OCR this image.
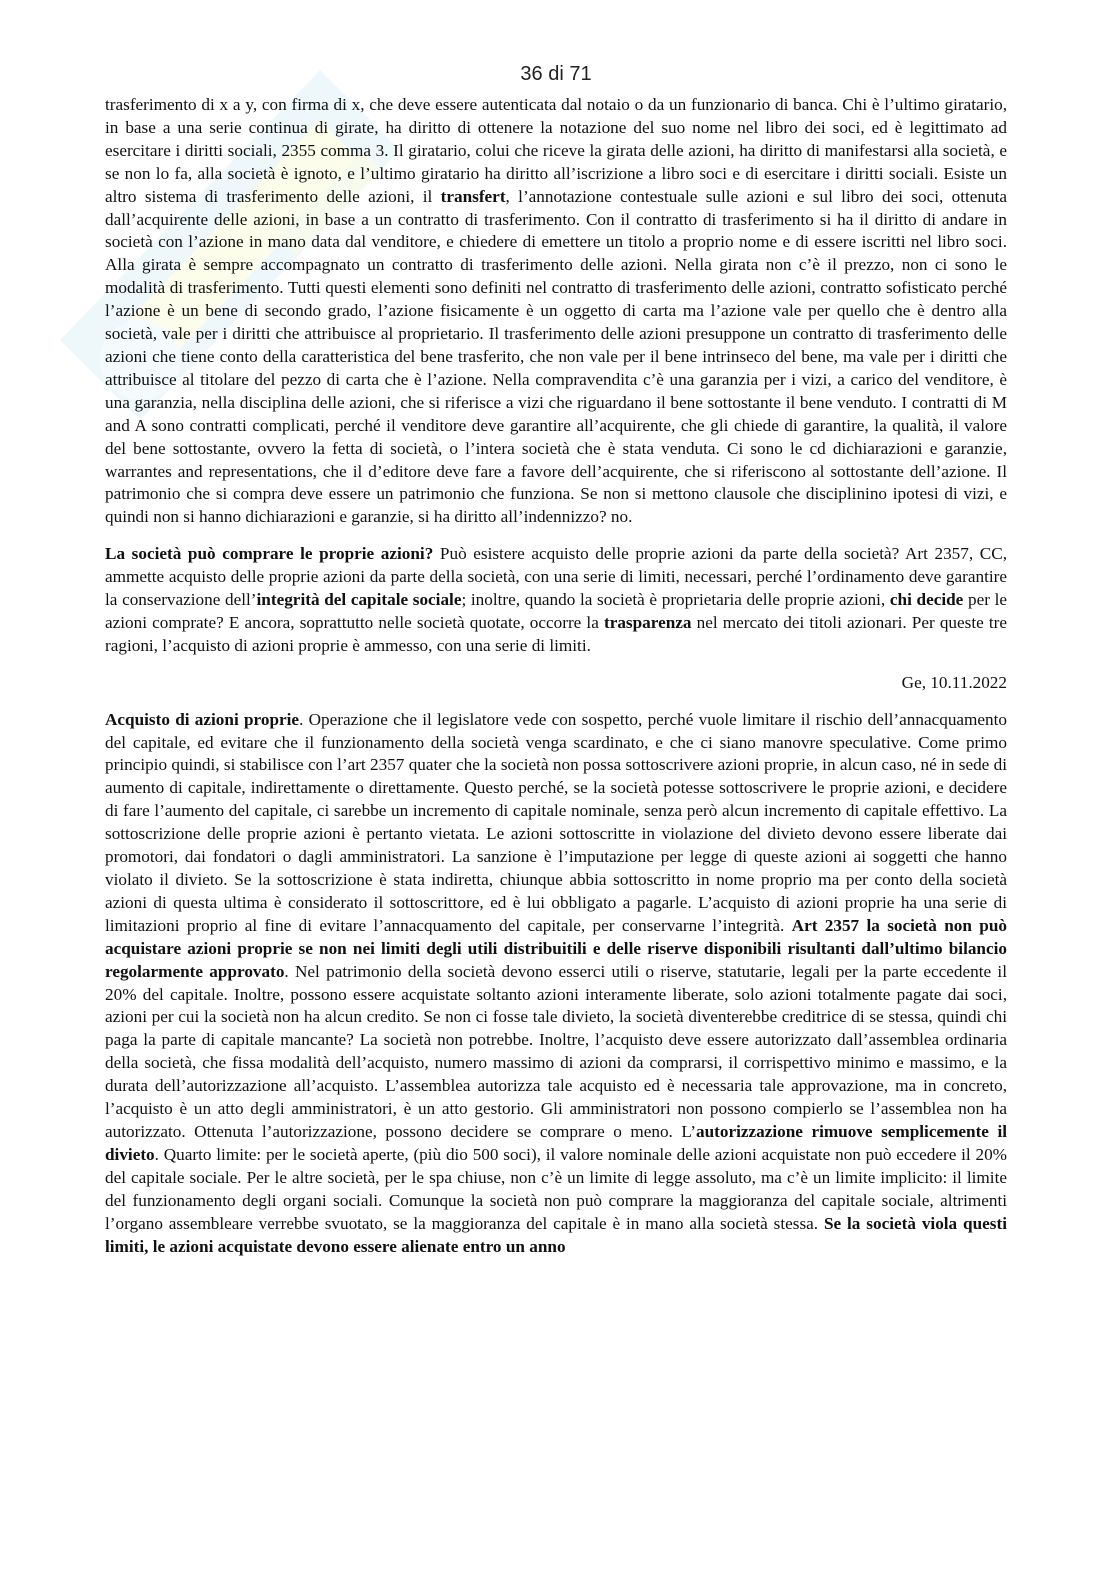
36 di 71

trasferimento di x a y, con firma di x, che deve essere autenticata dal notaio o da un funzionario di banca. Chi è l’ultimo giratario, in base a una serie continua di girate, ha diritto di ottenere la notazione del suo nome nel libro dei soci, ed è legittimato ad esercitare i diritti sociali, 2355 comma 3. Il giratario, colui che riceve la girata delle azioni, ha diritto di manifestarsi alla società, e se non lo fa, alla società è ignoto, e l’ultimo giratario ha diritto all’iscrizione a libro soci e di esercitare i diritti sociali. Esiste un altro sistema di trasferimento delle azioni, il transfert, l’annotazione contestuale sulle azioni e sul libro dei soci, ottenuta dall’acquirente delle azioni, in base a un contratto di trasferimento. Con il contratto di trasferimento si ha il diritto di andare in società con l’azione in mano data dal venditore, e chiedere di emettere un titolo a proprio nome e di essere iscritti nel libro soci. Alla girata è sempre accompagnato un contratto di trasferimento delle azioni. Nella girata non c’è il prezzo, non ci sono le modalità di trasferimento. Tutti questi elementi sono definiti nel contratto di trasferimento delle azioni, contratto sofisticato perché l’azione è un bene di secondo grado, l’azione fisicamente è un oggetto di carta ma l’azione vale per quello che è dentro alla società, vale per i diritti che attribuisce al proprietario. Il trasferimento delle azioni presuppone un contratto di trasferimento delle azioni che tiene conto della caratteristica del bene trasferito, che non vale per il bene intrinseco del bene, ma vale per i diritti che attribuisce al titolare del pezzo di carta che è l’azione. Nella compravendita c’è una garanzia per i vizi, a carico del venditore, è una garanzia, nella disciplina delle azioni, che si riferisce a vizi che riguardano il bene sottostante il bene venduto. I contratti di M and A sono contratti complicati, perché il venditore deve garantire all’acquirente, che gli chiede di garantire, la qualità, il valore del bene sottostante, ovvero la fetta di società, o l’intera società che è stata venduta. Ci sono le cd dichiarazioni e garanzie, warrantes and representations, che il d’editore deve fare a favore dell’acquirente, che si riferiscono al sottostante dell’azione. Il patrimonio che si compra deve essere un patrimonio che funziona. Se non si mettono clausole che disciplinino ipotesi di vizi, e quindi non si hanno dichiarazioni e garanzie, si ha diritto all’indennizzo? no.

La società può comprare le proprie azioni? Può esistere acquisto delle proprie azioni da parte della società? Art 2357, CC, ammette acquisto delle proprie azioni da parte della società, con una serie di limiti, necessari, perché l’ordinamento deve garantire la conservazione dell’integrità del capitale sociale; inoltre, quando la società è proprietaria delle proprie azioni, chi decide per le azioni comprate? E ancora, soprattutto nelle società quotate, occorre la trasparenza nel mercato dei titoli azionari. Per queste tre ragioni, l’acquisto di azioni proprie è ammesso, con una serie di limiti.

Ge, 10.11.2022

Acquisto di azioni proprie. Operazione che il legislatore vede con sospetto, perché vuole limitare il rischio dell’annacquamento del capitale, ed evitare che il funzionamento della società venga scardinato, e che ci siano manovre speculative. Come primo principio quindi, si stabilisce con l’art 2357 quater che la società non possa sottoscrivere azioni proprie, in alcun caso, né in sede di aumento di capitale, indirettamente o direttamente. Questo perché, se la società potesse sottoscrivere le proprie azioni, e decidere di fare l’aumento del capitale, ci sarebbe un incremento di capitale nominale, senza però alcun incremento di capitale effettivo. La sottoscrizione delle proprie azioni è pertanto vietata. Le azioni sottoscritte in violazione del divieto devono essere liberate dai promotori, dai fondatori o dagli amministratori. La sanzione è l’imputazione per legge di queste azioni ai soggetti che hanno violato il divieto. Se la sottoscrizione è stata indiretta, chiunque abbia sottoscritto in nome proprio ma per conto della società azioni di questa ultima è considerato il sottoscrittore, ed è lui obbligato a pagarle. L’acquisto di azioni proprie ha una serie di limitazioni proprio al fine di evitare l’annacquamento del capitale, per conservarne l’integrità. Art 2357 la società non può acquistare azioni proprie se non nei limiti degli utili distribuitili e delle riserve disponibili risultanti dall’ultimo bilancio regolarmente approvato. Nel patrimonio della società devono esserci utili o riserve, statutarie, legali per la parte eccedente il 20% del capitale. Inoltre, possono essere acquistate soltanto azioni interamente liberate, solo azioni totalmente pagate dai soci, azioni per cui la società non ha alcun credito. Se non ci fosse tale divieto, la società diventerebbe creditrice di se stessa, quindi chi paga la parte di capitale mancante? La società non potrebbe. Inoltre, l’acquisto deve essere autorizzato dall’assemblea ordinaria della società, che fissa modalità dell’acquisto, numero massimo di azioni da comprarsi, il corrispettivo minimo e massimo, e la durata dell’autorizzazione all’acquisto. L’assemblea autorizza tale acquisto ed è necessaria tale approvazione, ma in concreto, l’acquisto è un atto degli amministratori, è un atto gestorio. Gli amministratori non possono compierlo se l’assemblea non ha autorizzato. Ottenuta l’autorizzazione, possono decidere se comprare o meno. L’autorizzazione rimuove semplicemente il divieto. Quarto limite: per le società aperte, (più dio 500 soci), il valore nominale delle azioni acquistate non può eccedere il 20% del capitale sociale. Per le altre società, per le spa chiuse, non c’è un limite di legge assoluto, ma c’è un limite implicito: il limite del funzionamento degli organi sociali. Comunque la società non può comprare la maggioranza del capitale sociale, altrimenti l’organo assembleare verrebbe svuotato, se la maggioranza del capitale è in mano alla società stessa. Se la società viola questi limiti, le azioni acquistate devono essere alienate entro un anno
